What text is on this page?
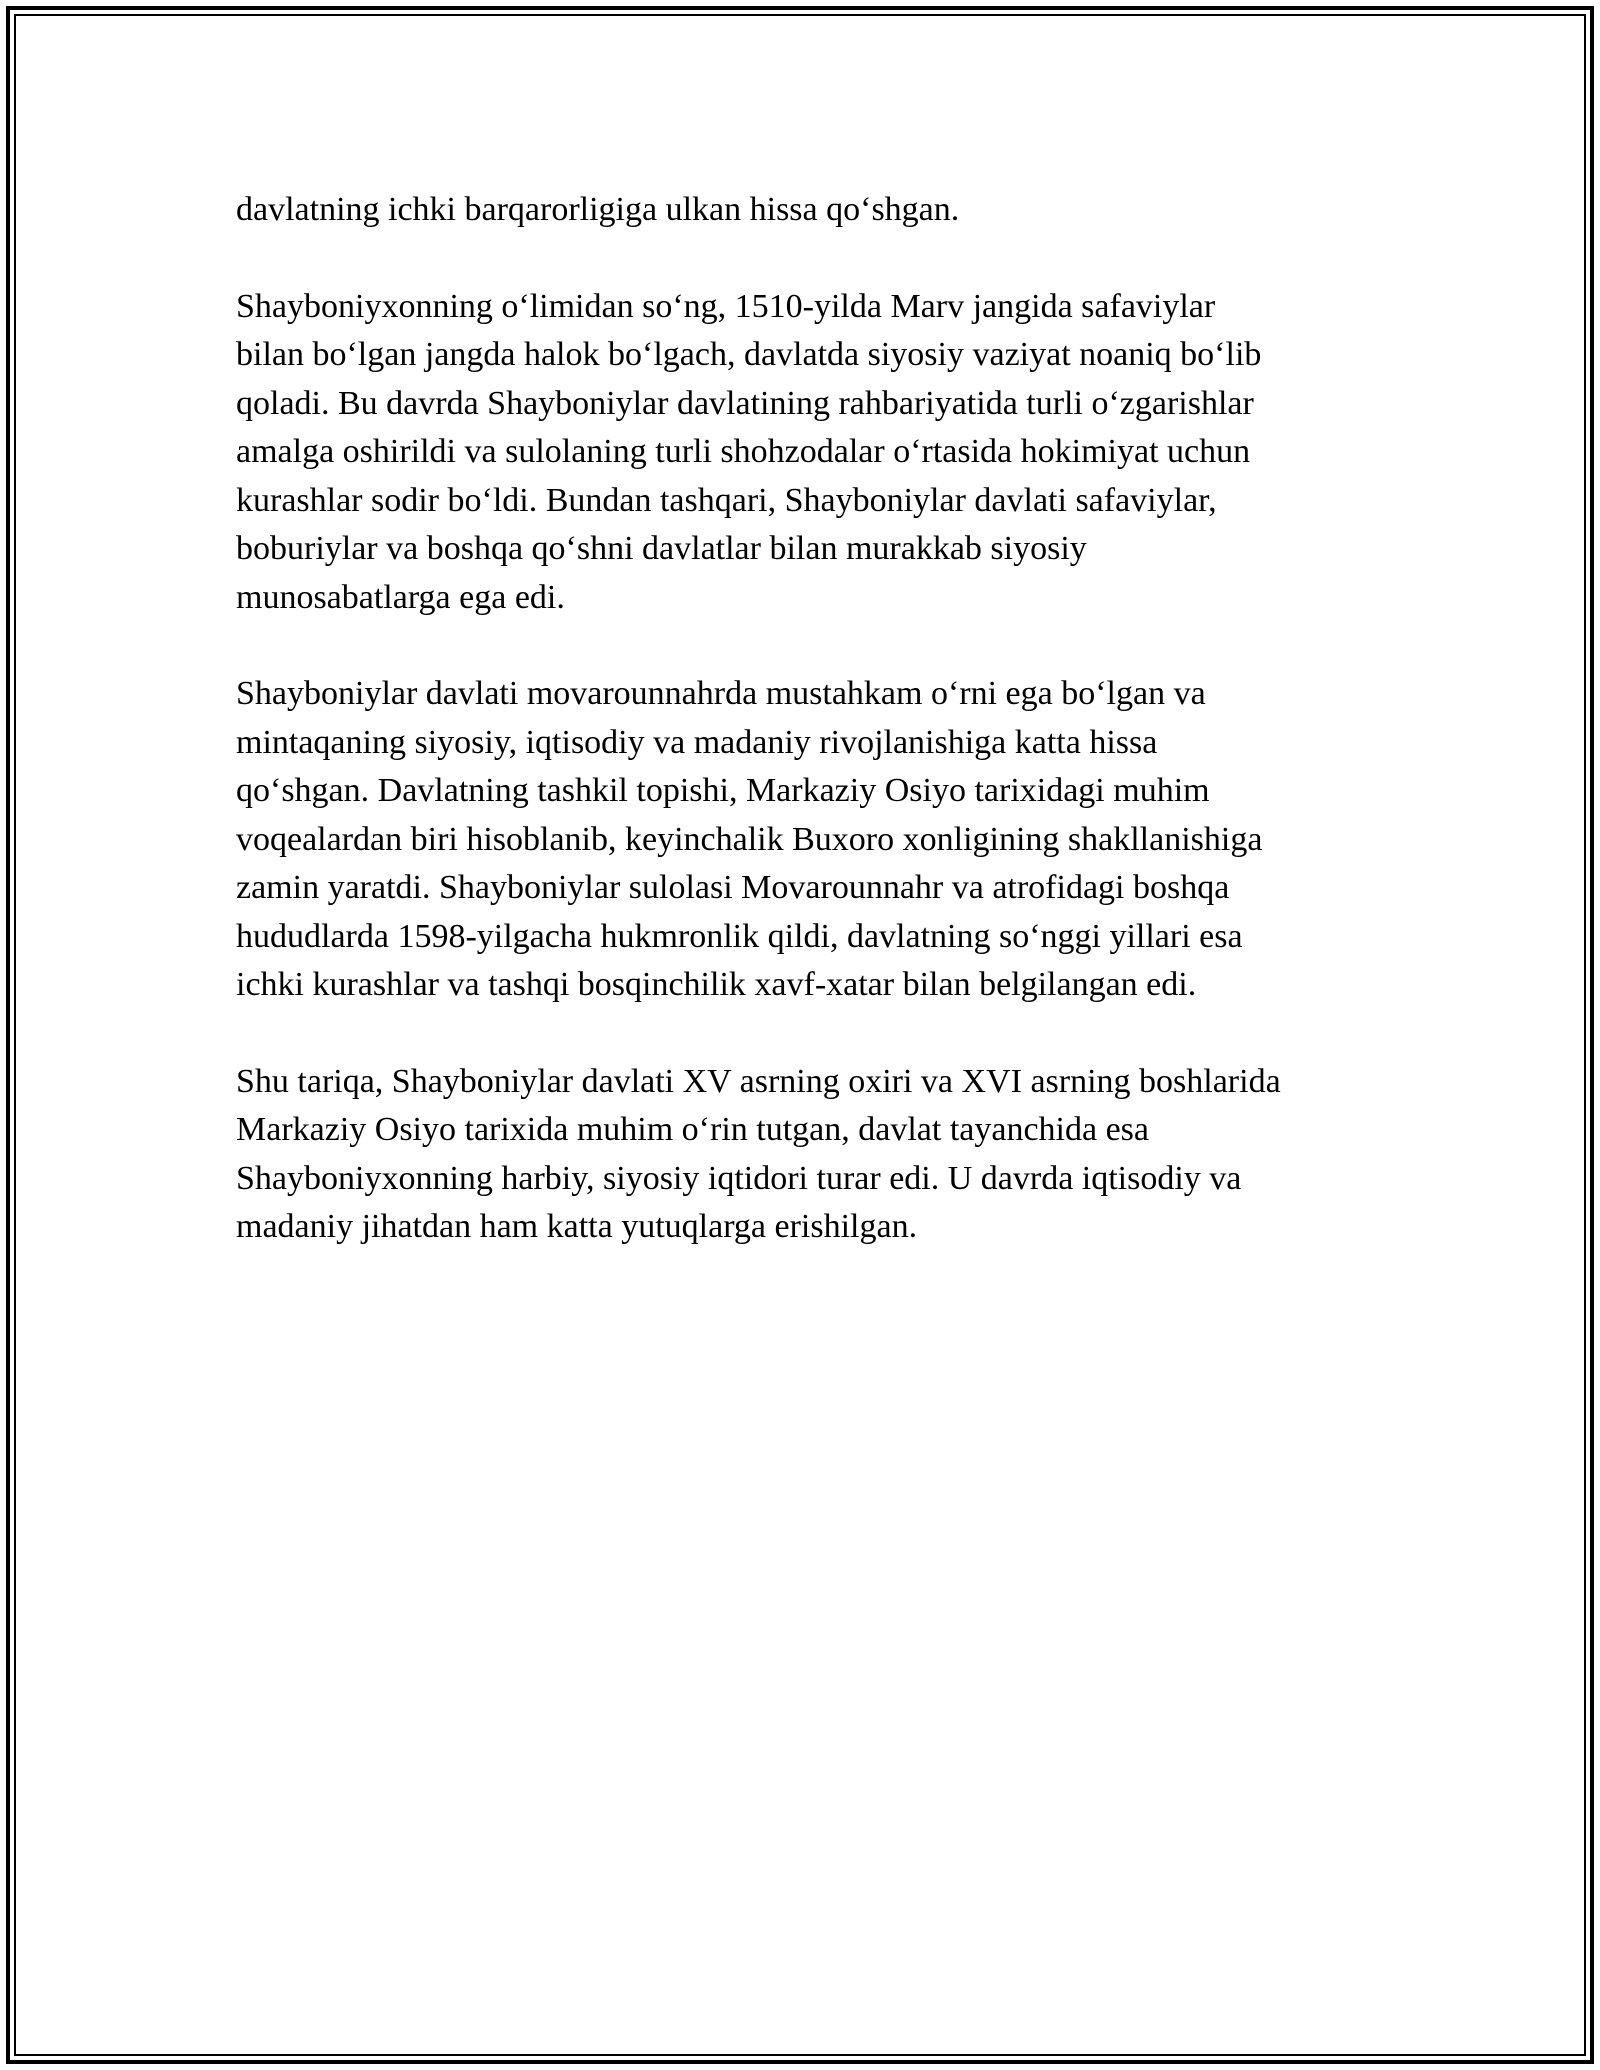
davlatning ichki barqarorligiga ulkan hissa qo‘shgan.

Shayboniyxonning o‘limidan so‘ng, 1510-yilda Marv jangida safaviylar
bilan bo‘lgan jangda halok bo‘lgach, davlatda siyosiy vaziyat noaniq bo‘lib
qoladi. Bu davrda Shayboniylar davlatining rahbariyatida turli o‘zgarishlar
amalga oshirildi va sulolaning turli shohzodalar o‘rtasida hokimiyat uchun
kurashlar sodir bo‘ldi. Bundan tashqari, Shayboniylar davlati safaviylar,
boburiylar va boshqa qo‘shni davlatlar bilan murakkab siyosiy
munosabatlarga ega edi.

Shayboniylar davlati movarounnahrda mustahkam o‘rni ega bo‘lgan va
mintaqaning siyosiy, iqtisodiy va madaniy rivojlanishiga katta hissa
qo‘shgan. Davlatning tashkil topishi, Markaziy Osiyo tarixidagi muhim
voqealardan biri hisoblanib, keyinchalik Buxoro xonligining shakllanishiga
zamin yaratdi. Shayboniylar sulolasi Movarounnahr va atrofidagi boshqa
hududlarda 1598-yilgacha hukmronlik qildi, davlatning so‘nggi yillari esa
ichki kurashlar va tashqi bosqinchilik xavf-xatar bilan belgilangan edi.

Shu tariqa, Shayboniylar davlati XV asrning oxiri va XVI asrning boshlarida
Markaziy Osiyo tarixida muhim o‘rin tutgan, davlat tayanchida esa
Shayboniyxonning harbiy, siyosiy iqtidori turar edi. U davrda iqtisodiy va
madaniy jihatdan ham katta yutuqlarga erishilgan.
